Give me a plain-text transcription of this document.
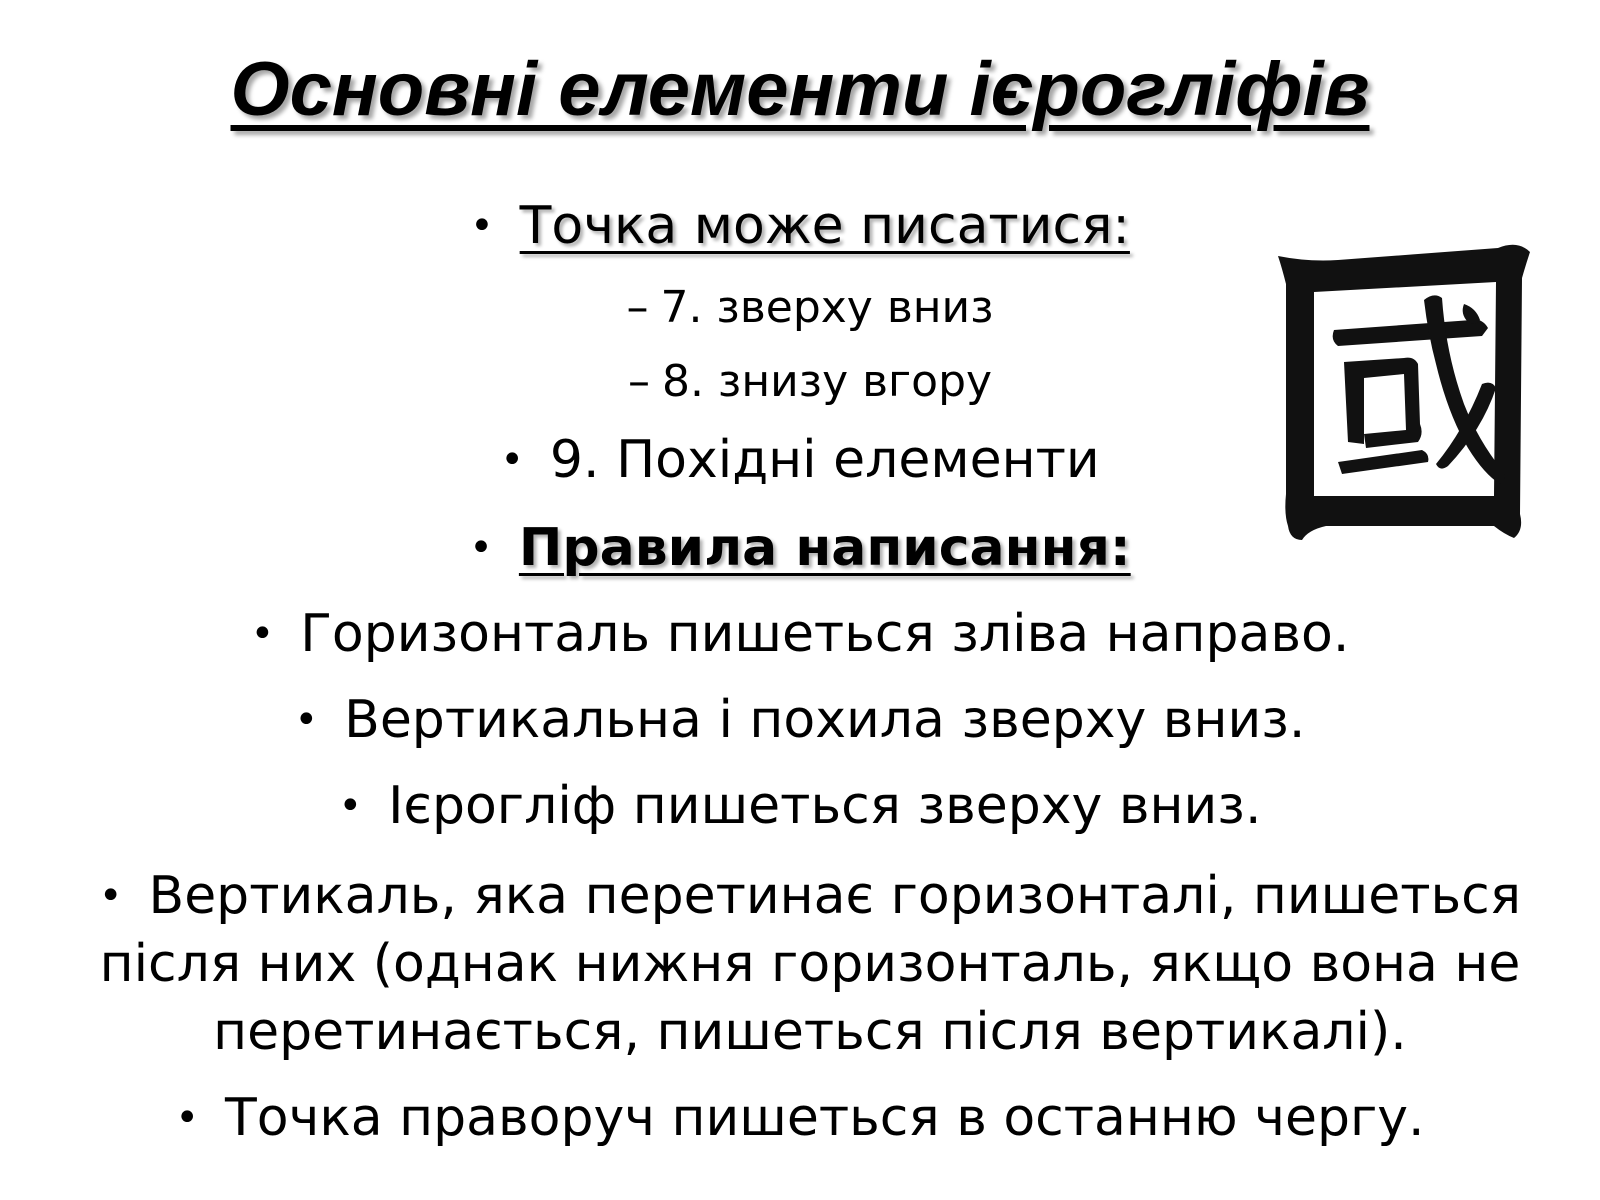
Основні елементи ієрогліфів
• Точка може писатися:
– 7. зверху вниз
– 8. знизу вгору
• 9. Похідні елементи
• Правила написання:
• Горизонталь пишеться зліва направо.
• Вертикальна і похила зверху вниз.
• Ієрогліф пишеться зверху вниз.
• Вертикаль, яка перетинає горизонталі, пишеться після них (однак нижня горизонталь, якщо вона не перетинається, пишеться після вертикалі).
• Точка праворуч пишеться в останню чергу.
